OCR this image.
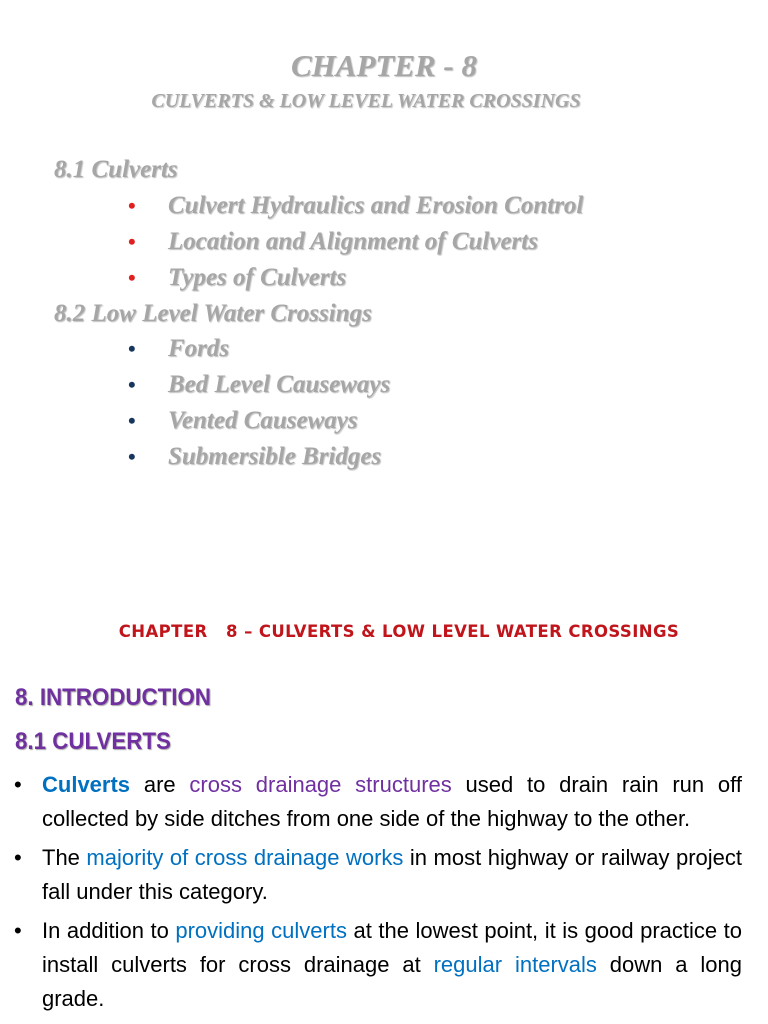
CHAPTER - 8
CULVERTS & LOW LEVEL WATER CROSSINGS
8.1 Culverts
• Culvert Hydraulics and Erosion Control
• Location and Alignment of Culverts
• Types of Culverts
8.2 Low Level Water Crossings
• Fords
• Bed Level Causeways
• Vented Causeways
• Submersible Bridges
CHAPTER   8 – CULVERTS & LOW LEVEL WATER CROSSINGS
8. INTRODUCTION
8.1 CULVERTS
• Culverts are cross drainage structures used to drain rain run off collected by side ditches from one side of the highway to the other.
• The majority of cross drainage works in most highway or railway project fall under this category.
• In addition to providing culverts at the lowest point, it is good practice to install culverts for cross drainage at regular intervals down a long grade.
